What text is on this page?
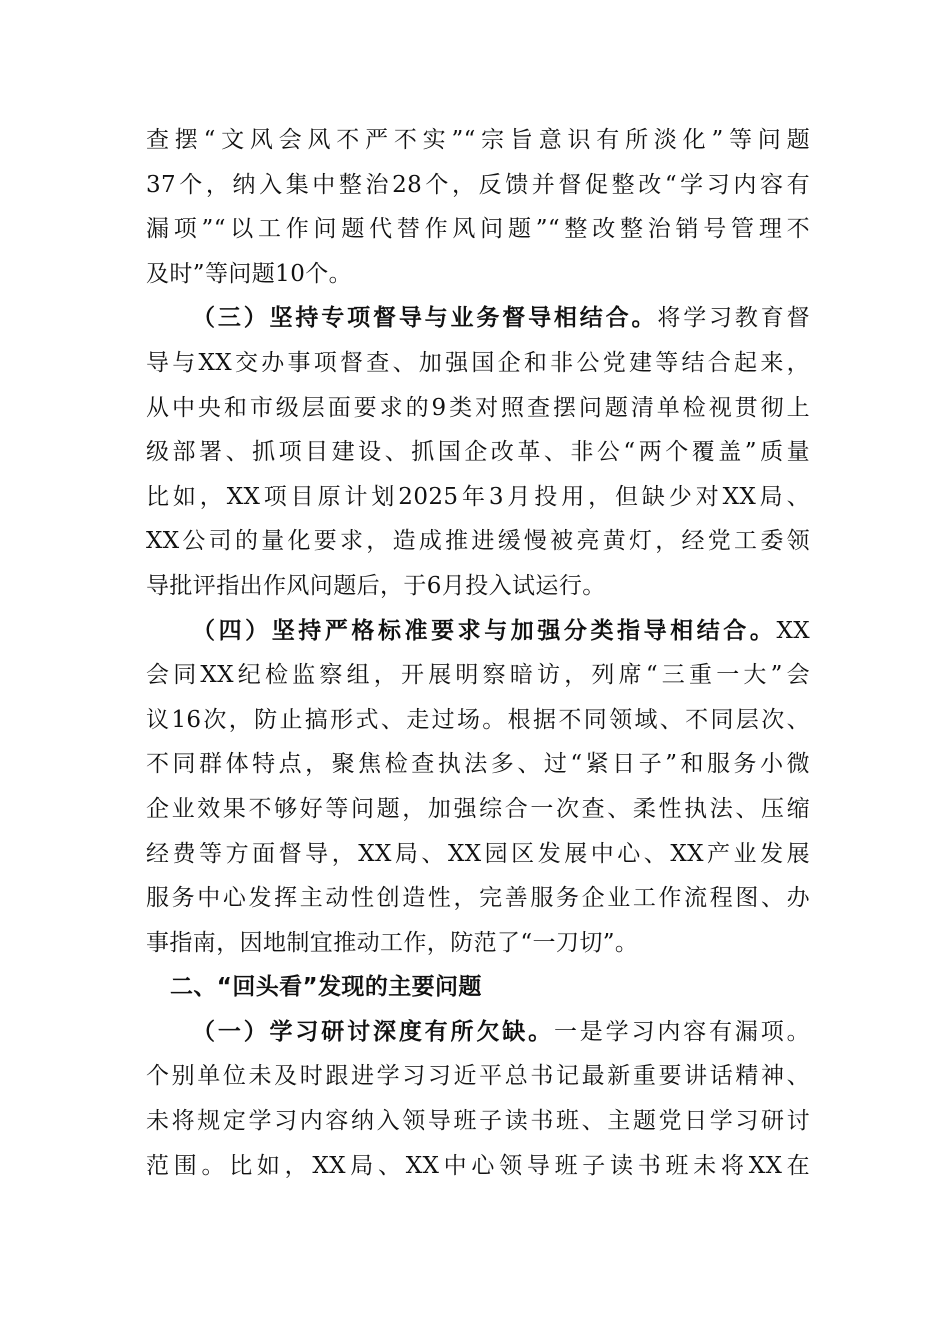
查摆“文风会风不严不实”“宗旨意识有所淡化”等问题
37个，纳入集中整治28个，反馈并督促整改“学习内容有
漏项”“以工作问题代替作风问题”“整改整治销号管理不
及时”等问题10个。
（三）坚持专项督导与业务督导相结合。将学习教育督
导与XX交办事项督查、加强国企和非公党建等结合起来，
从中央和市级层面要求的9类对照查摆问题清单检视贯彻上
级部署、抓项目建设、抓国企改革、非公“两个覆盖”质量
比如，XX项目原计划2025年3月投用，但缺少对XX局、
XX公司的量化要求，造成推进缓慢被亮黄灯，经党工委领
导批评指出作风问题后，于6月投入试运行。
（四）坚持严格标准要求与加强分类指导相结合。XX
会同XX纪检监察组，开展明察暗访，列席“三重一大”会
议16次，防止搞形式、走过场。根据不同领域、不同层次、
不同群体特点，聚焦检查执法多、过“紧日子”和服务小微
企业效果不够好等问题，加强综合一次查、柔性执法、压缩
经费等方面督导，XX局、XX园区发展中心、XX产业发展
服务中心发挥主动性创造性，完善服务企业工作流程图、办
事指南，因地制宜推动工作，防范了“一刀切”。
二、“回头看”发现的主要问题
（一）学习研讨深度有所欠缺。一是学习内容有漏项。
个别单位未及时跟进学习习近平总书记最新重要讲话精神、
未将规定学习内容纳入领导班子读书班、主题党日学习研讨
范围。比如，XX局、XX中心领导班子读书班未将XX在
